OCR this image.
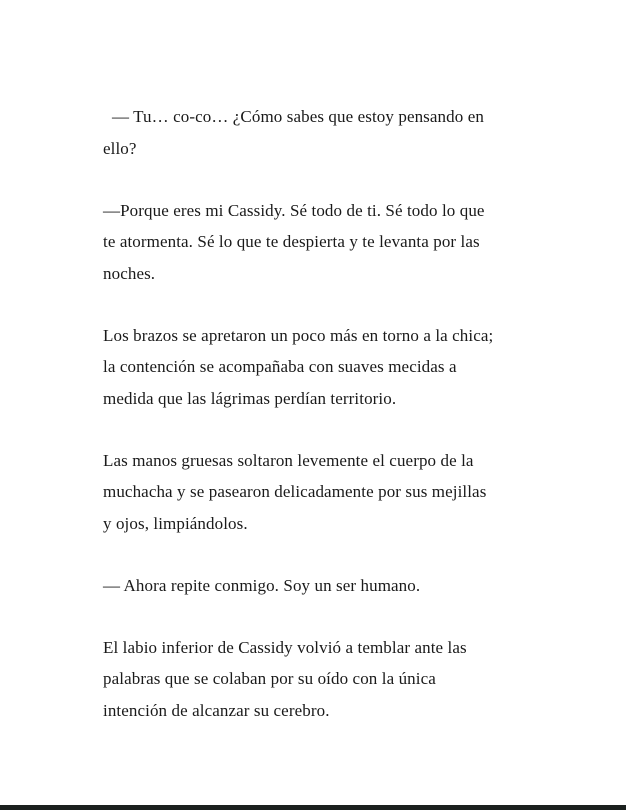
— Tu… co-co… ¿Cómo sabes que estoy pensando en
ello?

—Porque eres mi Cassidy. Sé todo de ti. Sé todo lo que
te atormenta. Sé lo que te despierta y te levanta por las
noches.

Los brazos se apretaron un poco más en torno a la chica;
la contención se acompañaba con suaves mecidas a
medida que las lágrimas perdían territorio.

Las manos gruesas soltaron levemente el cuerpo de la
muchacha y se pasearon delicadamente por sus mejillas
y ojos, limpiándolos.

— Ahora repite conmigo. Soy un ser humano.

El labio inferior de Cassidy volvió a temblar ante las
palabras que se colaban por su oído con la única
intención de alcanzar su cerebro.
